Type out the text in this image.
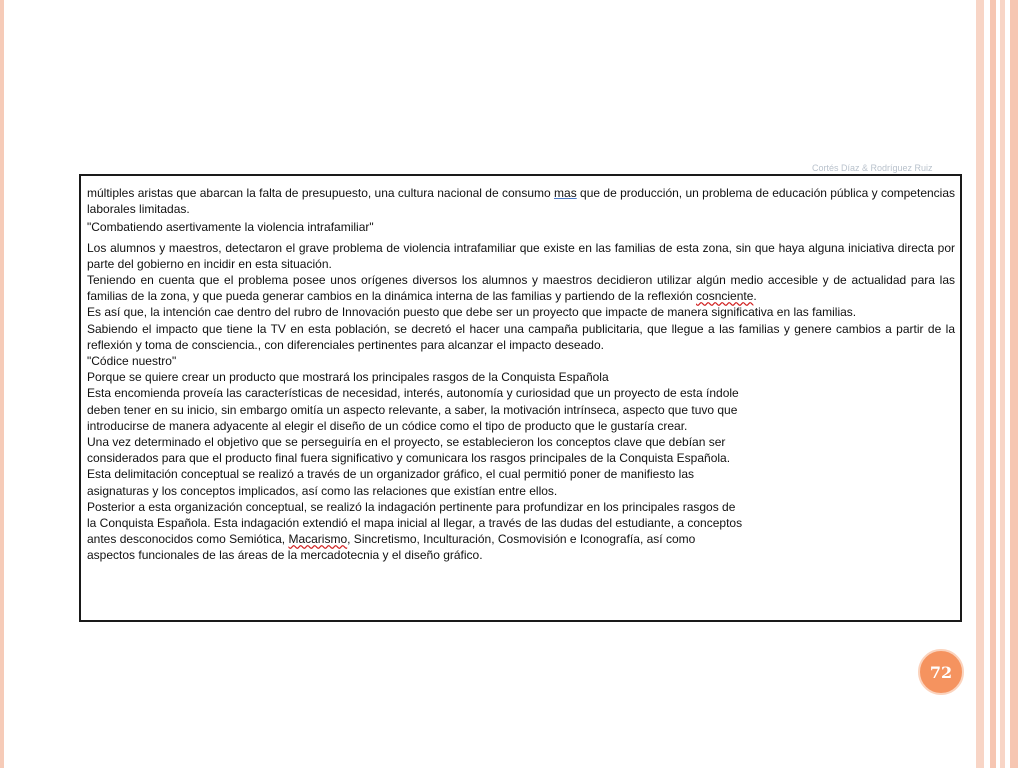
Cortés Díaz & Rodríguez Ruiz

múltiples aristas que abarcan la falta de presupuesto, una cultura nacional de consumo mas que de producción, un problema de educación pública y competencias laborales limitadas.

"Combatiendo asertivamente la violencia intrafamiliar"

Los alumnos y maestros, detectaron el grave problema de violencia intrafamiliar que existe en las familias de esta zona, sin que haya alguna iniciativa directa por parte del gobierno en incidir en esta situación.

Teniendo en cuenta que el problema posee unos orígenes diversos los alumnos y maestros decidieron utilizar algún medio accesible y de actualidad para las familias de la zona, y que pueda generar cambios en la dinámica interna de las familias y partiendo de la reflexión cosnciente.

Es así que, la intención cae dentro del rubro de Innovación puesto que debe ser un proyecto que impacte de manera significativa en las familias.

Sabiendo el impacto que tiene la TV en esta población, se decretó el hacer una campaña publicitaria, que llegue a las familias y genere cambios a partir de la reflexión y toma de consciencia., con diferenciales pertinentes para alcanzar el impacto deseado.

"Códice nuestro"

Porque se quiere crear un producto que mostrará los principales rasgos de la Conquista Española

Esta encomienda proveía las características de necesidad, interés, autonomía y curiosidad que un proyecto de esta índole

deben tener en su inicio, sin embargo omitía un aspecto relevante, a saber, la motivación intrínseca, aspecto que tuvo que

introducirse de manera adyacente al elegir el diseño de un códice como el tipo de producto que le gustaría crear.

Una vez determinado el objetivo que se perseguiría en el proyecto, se establecieron los conceptos clave que debían ser

considerados para que el producto final fuera significativo y comunicara los rasgos principales de la Conquista Española.

Esta delimitación conceptual se realizó a través de un organizador gráfico, el cual permitió poner de manifiesto las

asignaturas y los conceptos implicados, así como las relaciones que existían entre ellos.

Posterior a esta organización conceptual, se realizó la indagación pertinente para profundizar en los principales rasgos de

la Conquista Española. Esta indagación extendió el mapa inicial al llegar, a través de las dudas del estudiante, a conceptos

antes desconocidos como Semiótica, Macarismo, Sincretismo, Inculturación, Cosmovisión e Iconografía, así como

aspectos funcionales de las áreas de la mercadotecnia y el diseño gráfico.

72
